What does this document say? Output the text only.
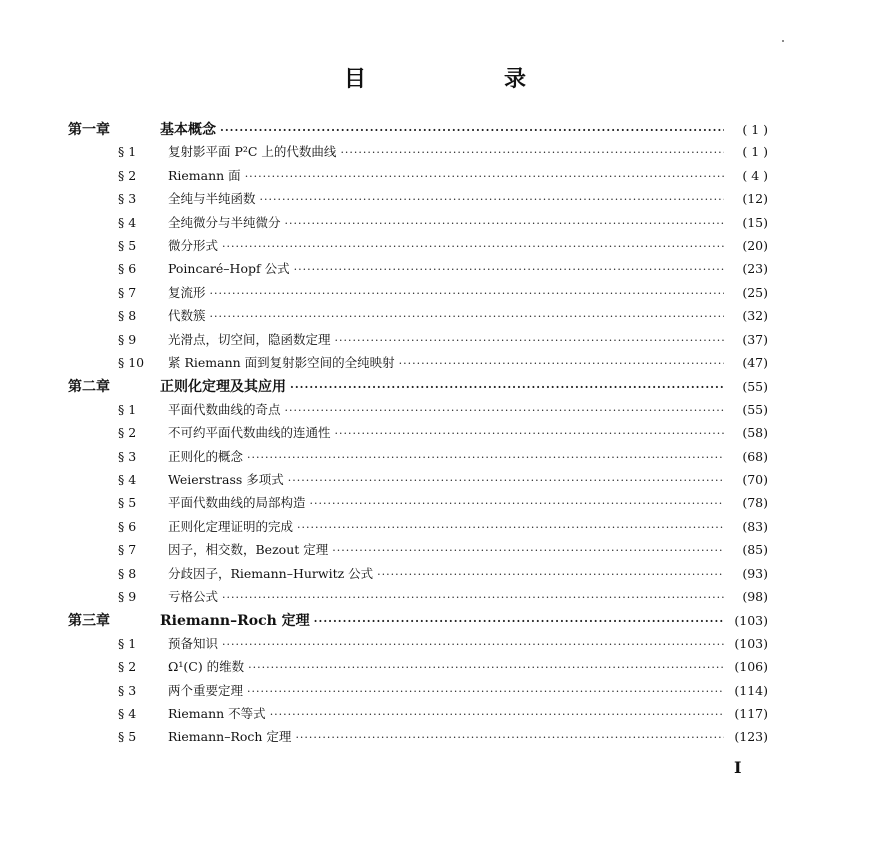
目　录
第一章	基本概念 ·····	( 1 )
§ 1	复射影平面 P²C 上的代数曲线 ·····	( 1 )
§ 2	Riemann 面 ·····	( 4 )
§ 3	全纯与半纯函数 ·····	(12)
§ 4	全纯微分与半纯微分 ·····	(15)
§ 5	微分形式 ·····	(20)
§ 6	Poincaré–Hopf 公式 ·····	(23)
§ 7	复流形 ·····	(25)
§ 8	代数簇 ·····	(32)
§ 9	光滑点，切空间，隐函数定理 ·····	(37)
§ 10	紧 Riemann 面到复射影空间的全纯映射 ·····	(47)
第二章	正则化定理及其应用 ·····	(55)
§ 1	平面代数曲线的奇点 ·····	(55)
§ 2	不可约平面代数曲线的连通性 ·····	(58)
§ 3	正则化的概念 ·····	(68)
§ 4	Weierstrass 多项式 ·····	(70)
§ 5	平面代数曲线的局部构造 ·····	(78)
§ 6	正则化定理证明的完成 ·····	(83)
§ 7	因子，相交数，Bezout 定理 ·····	(85)
§ 8	分歧因子，Riemann–Hurwitz 公式 ·····	(93)
§ 9	亏格公式 ·····	(98)
第三章	Riemann–Roch 定理 ·····	(103)
§ 1	预备知识 ·····	(103)
§ 2	Ω¹(C) 的维数 ·····	(106)
§ 3	两个重要定理 ·····	(114)
§ 4	Riemann 不等式 ·····	(117)
§ 5	Riemann–Roch 定理 ·····	(123)
I
